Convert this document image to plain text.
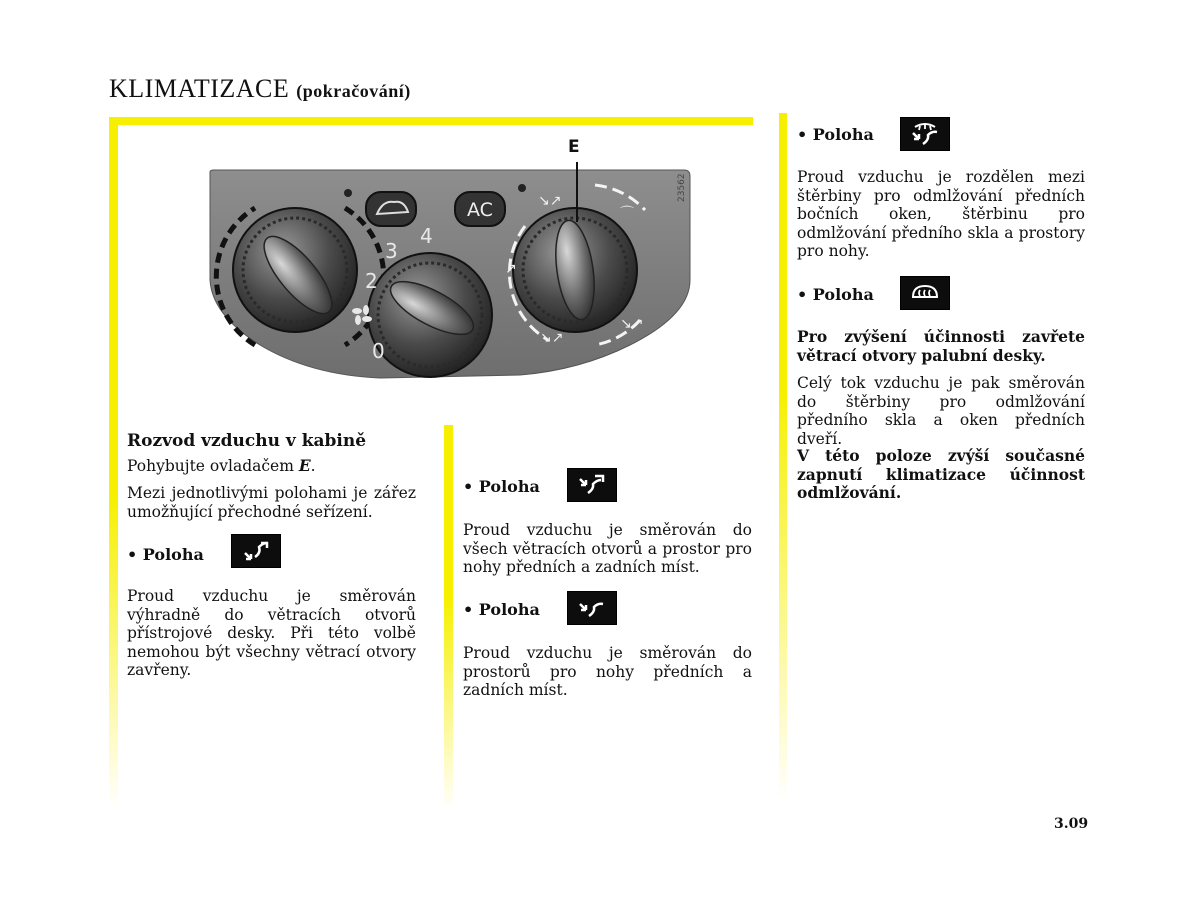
KLIMATIZACE (pokračování)
0
2
3
4
AC	↘↗
⌒
↗
↘↗
↘↗
E
23562
Rozvod vzduchu v kabině

Pohybujte ovladačem E.

Mezi jednotlivými polohami je zářez umožňující přechodné seřízení.

• Poloha

Proud vzduchu je směrován výhradně do větracích otvorů přístrojové desky. Při této volbě nemohou být všechny větrací otvory zavřeny.

• Poloha

Proud vzduchu je směrován do všech větracích otvorů a prostor pro nohy předních a zadních míst.

• Poloha

Proud vzduchu je směrován do prostorů pro nohy předních a zadních míst.

• Poloha

Proud vzduchu je rozdělen mezi štěrbiny pro odmlžování předních bočních oken, štěrbinu pro odmlžování předního skla a prostory pro nohy.

• Poloha

Pro zvýšení účinnosti zavřete větrací otvory palubní desky.

Celý tok vzduchu je pak směrován do štěrbiny pro odmlžování předního skla a oken předních dveří.

V této poloze zvýší současné zapnutí klimatizace účinnost odmlžování.

3.09
